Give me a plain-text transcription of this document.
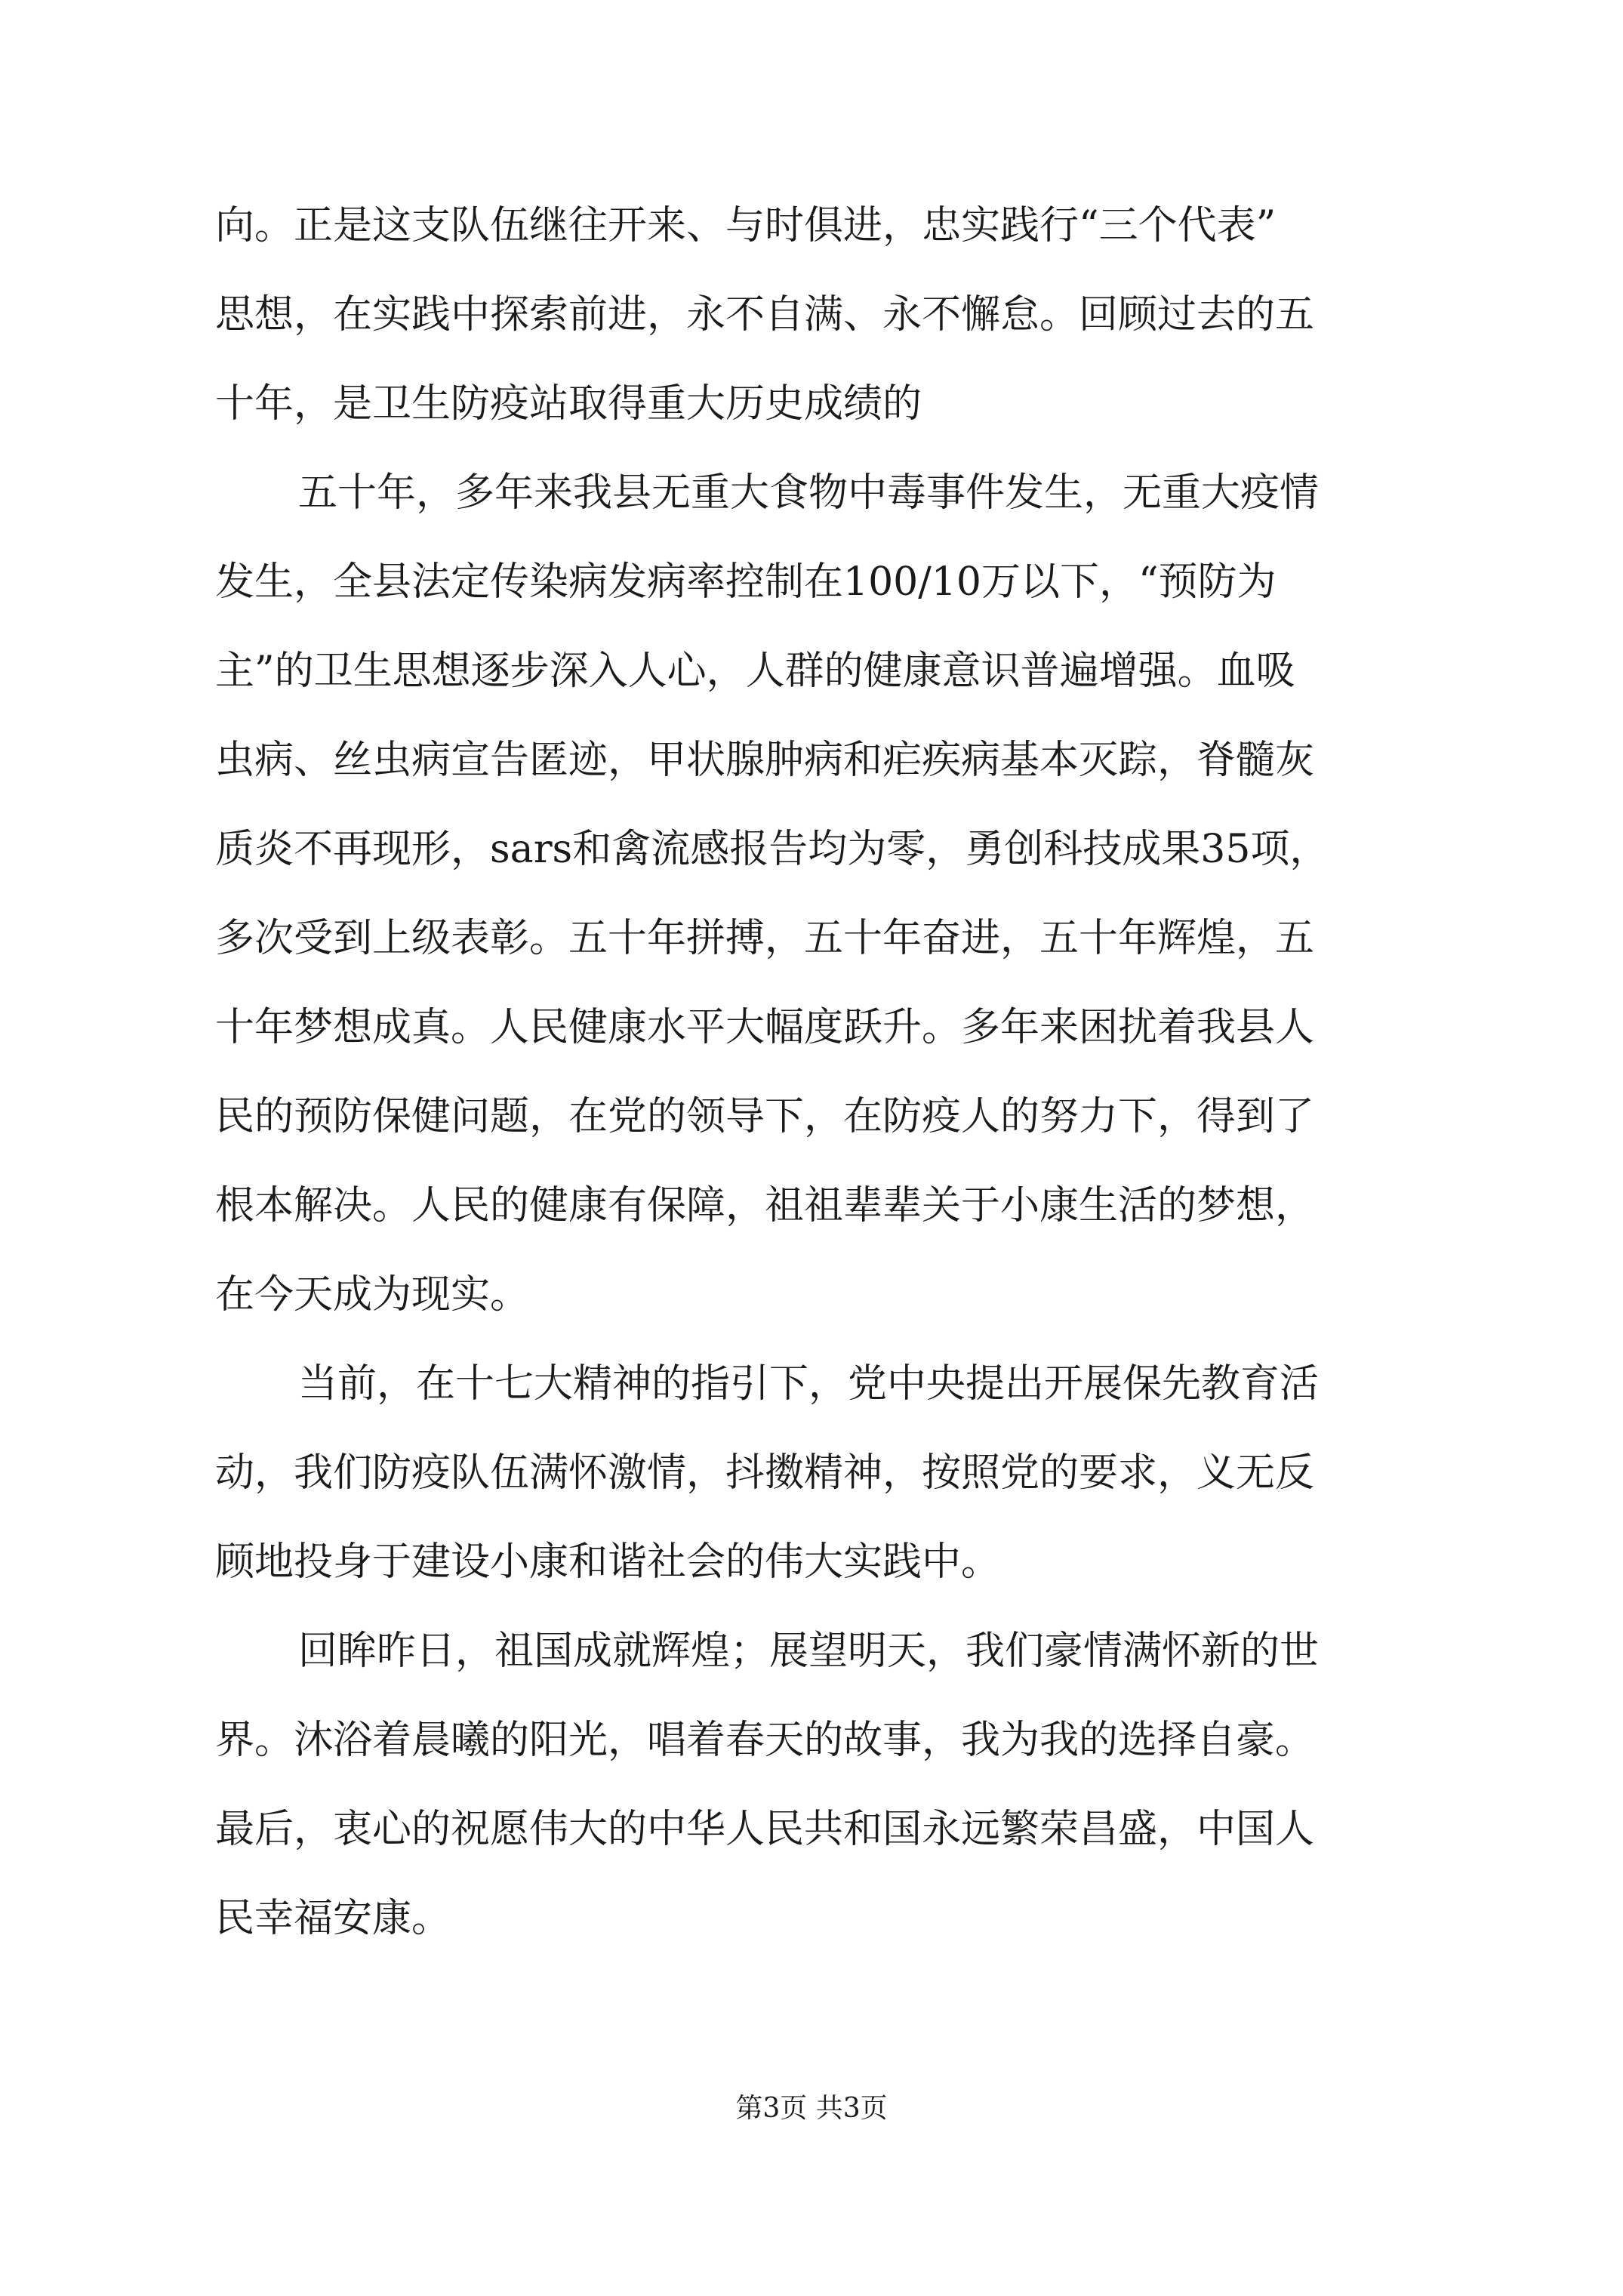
向。正是这支队伍继往开来、与时俱进，忠实践行“三个代表”
思想，在实践中探索前进，永不自满、永不懈怠。回顾过去的五
十年，是卫生防疫站取得重大历史成绩的
五十年，多年来我县无重大食物中毒事件发生，无重大疫情
发生，全县法定传染病发病率控制在100/10万以下，“预防为
主”的卫生思想逐步深入人心，人群的健康意识普遍增强。血吸
虫病、丝虫病宣告匿迹，甲状腺肿病和疟疾病基本灭踪，脊髓灰
质炎不再现形，sars和禽流感报告均为零，勇创科技成果35项，
多次受到上级表彰。五十年拼搏，五十年奋进，五十年辉煌，五
十年梦想成真。人民健康水平大幅度跃升。多年来困扰着我县人
民的预防保健问题，在党的领导下，在防疫人的努力下，得到了
根本解决。人民的健康有保障，祖祖辈辈关于小康生活的梦想，
在今天成为现实。
当前，在十七大精神的指引下，党中央提出开展保先教育活
动，我们防疫队伍满怀激情，抖擞精神，按照党的要求，义无反
顾地投身于建设小康和谐社会的伟大实践中。
回眸昨日，祖国成就辉煌；展望明天，我们豪情满怀新的世
界。沐浴着晨曦的阳光，唱着春天的故事，我为我的选择自豪。
最后，衷心的祝愿伟大的中华人民共和国永远繁荣昌盛，中国人
民幸福安康。
第3页 共3页
